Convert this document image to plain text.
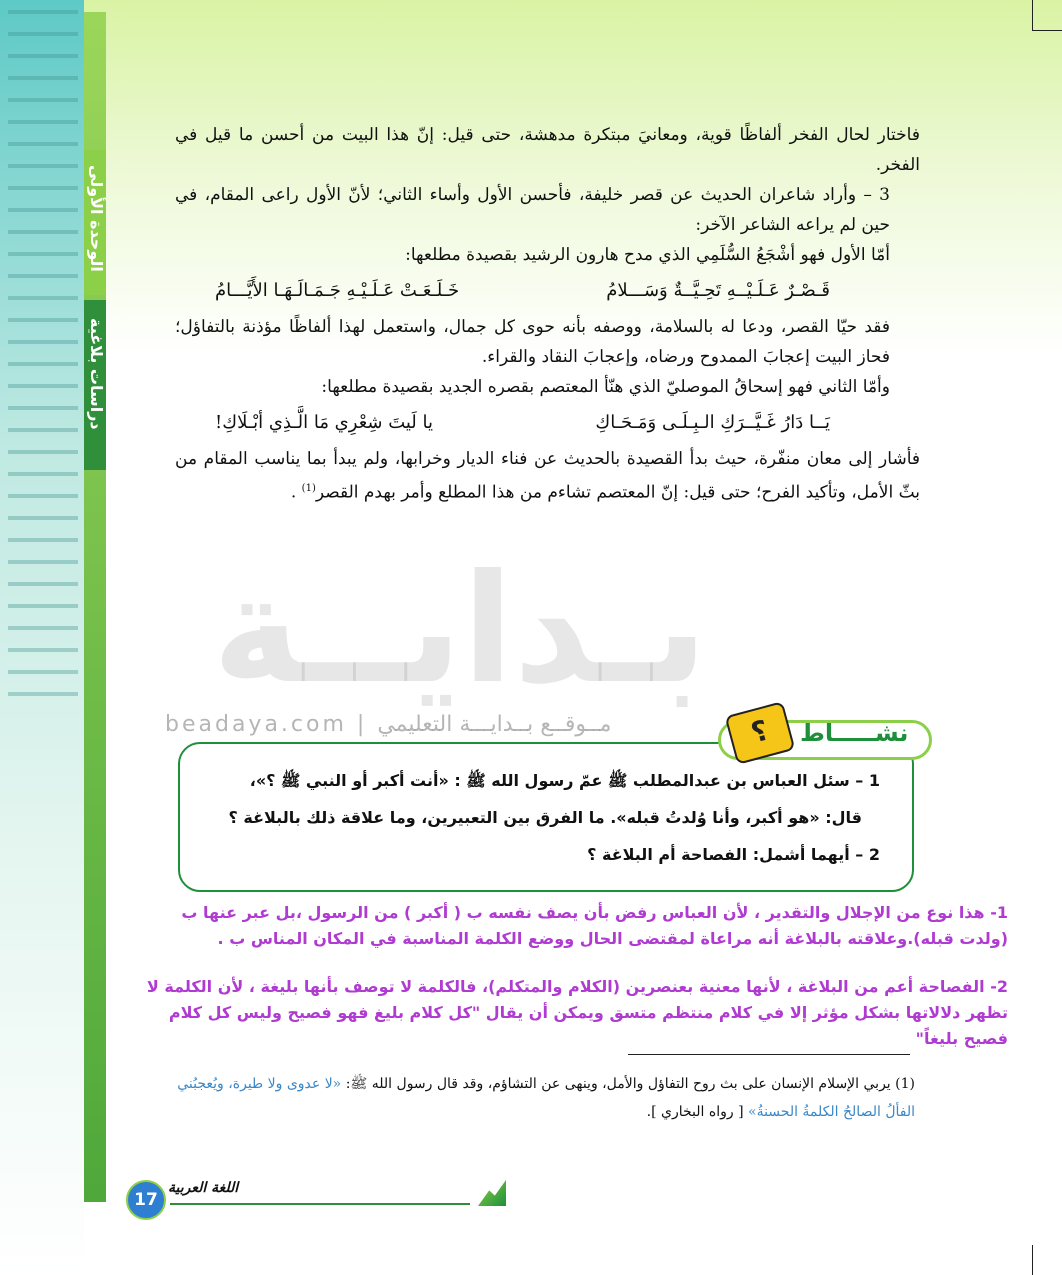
الوحدة الأولى
دراسات بلاغية
بـدايــة
beadaya.com | مــوقــع بــدايـــة التعليمي

فاختار لحال الفخر ألفاظًا قوية، ومعانيَ مبتكرة مدهشة، حتى قيل: إنّ هذا البيت من أحسن ما قيل في الفخر.

3 – وأراد شاعران الحديث عن قصر خليفة، فأحسن الأول وأساء الثاني؛ لأنّ الأول راعى المقام، في حين لم يراعه الشاعر الآخر:

أمّا الأول فهو أشْجَعُ السُّلَمِي الذي مدح هارون الرشيد بقصيدة مطلعها:

قَـصْـرٌ عَـلَـيْــهِ تَحِـيَّــةٌ وَسَـــلامُ
خَـلَـعَـتْ عَـلَـيْـهِ جَـمَـالَـهَـا الأَيَّـــامُ

فقد حيّا القصر، ودعا له بالسلامة، ووصفه بأنه حوى كل جمال، واستعمل لهذا ألفاظًا مؤذنة بالتفاؤل؛ فحاز البيت إعجابَ الممدوح ورضاه، وإعجابَ النقاد والقراء.

وأمّا الثاني فهو إسحاقُ الموصليّ الذي هنّأ المعتصم بقصره الجديد بقصيدة مطلعها:

يَــا دَارُ غَـيَّــرَكِ الـبِـلَـى وَمَـحَـاكِ
يا لَيتَ شِعْرِي مَا الَّـذِي أبْـلَاكِ!

فأشار إلى معان منفّرة، حيث بدأ القصيدة بالحديث عن فناء الديار وخرابها، ولم يبدأ بما يناسب المقام من بثّ الأمل، وتأكيد الفرح؛ حتى قيل: إنّ المعتصم تشاءم من هذا المطلع وأمر بهدم القصر$^{(1)}$ .

نشـــــاط
؟

1 – سئل العباس بن عبدالمطلب ﷺ عمّ رسول الله ﷺ : «أنت أكبر أو النبي ﷺ ؟»،

قال: «هو أكبر، وأنا وُلدتُ قبله». ما الفرق بين التعبيرين، وما علاقة ذلك بالبلاغة ؟

2 – أيهما أشمل: الفصاحة أم البلاغة ؟

1- هذا نوع من الإجلال والتقدير ، لأن العباس رفض بأن يصف نفسه ب ( أكبر ) من الرسول ،بل عبر عنها ب (ولدت قبله).وعلاقته بالبلاغة أنه مراعاة لمقتضى الحال ووضع الكلمة المناسبة في المكان المناس ب .

2- الفصاحة أعم من البلاغة ، لأنها معنية بعنصرين (الكلام والمتكلم)، فالكلمة لا توصف بأنها بليغة ، لأن الكلمة لا تظهر دلالاتها بشكل مؤثر إلا في كلام منتظم متسق ويمكن أن يقال "كل كلام بليغ فهو فصيح وليس كل كلام فصيح بليغاً"

(1) يربي الإسلام الإنسان على بث روح التفاؤل والأمل، وينهى عن التشاؤم، وقد قال رسول الله ﷺ: «لا عدوى ولا طيرة، ويُعجبُني الفألُ الصالحُ الكلمةُ الحسنةُ» [ رواه البخاري ].

17
اللغة العربية
